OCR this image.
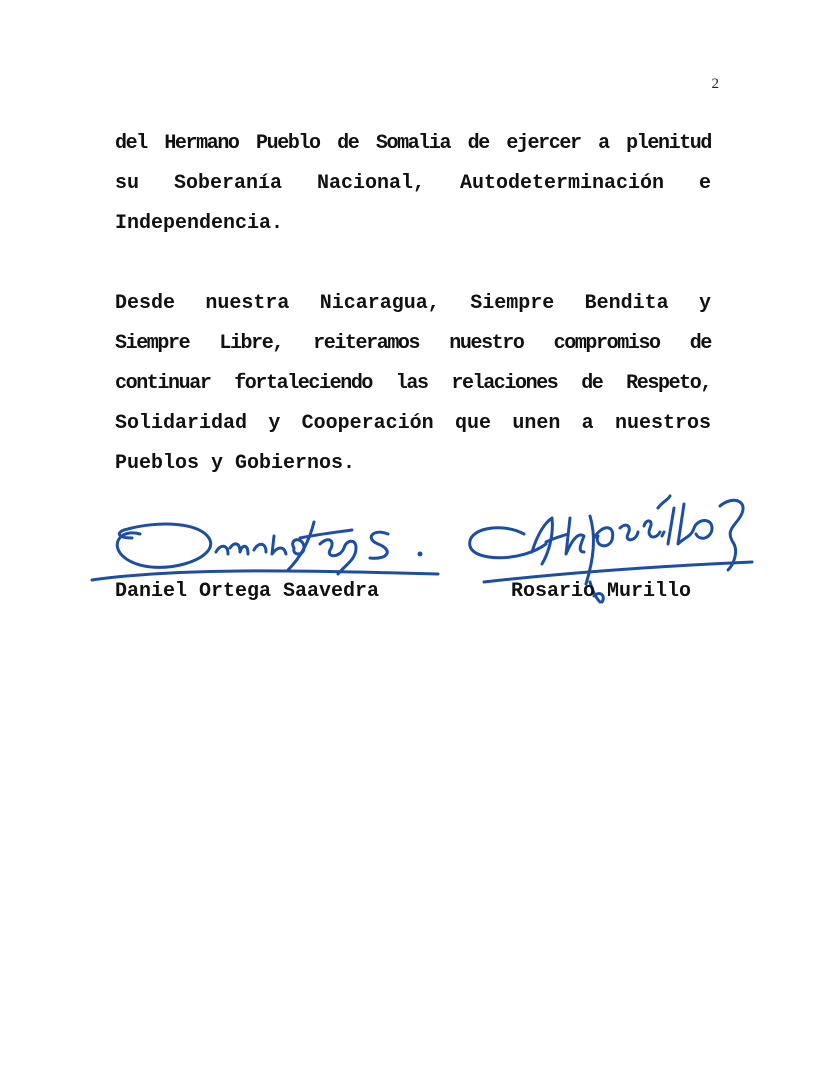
2
del Hermano Pueblo de Somalia de ejercer a plenitud
su Soberanía Nacional, Autodeterminación e
Independencia.
Desde nuestra Nicaragua, Siempre Bendita y
Siempre Libre, reiteramos nuestro compromiso de
continuar fortaleciendo las relaciones de Respeto,
Solidaridad y Cooperación que unen a nuestros
Pueblos y Gobiernos.
Daniel Ortega Saavedra	Rosario Murillo
